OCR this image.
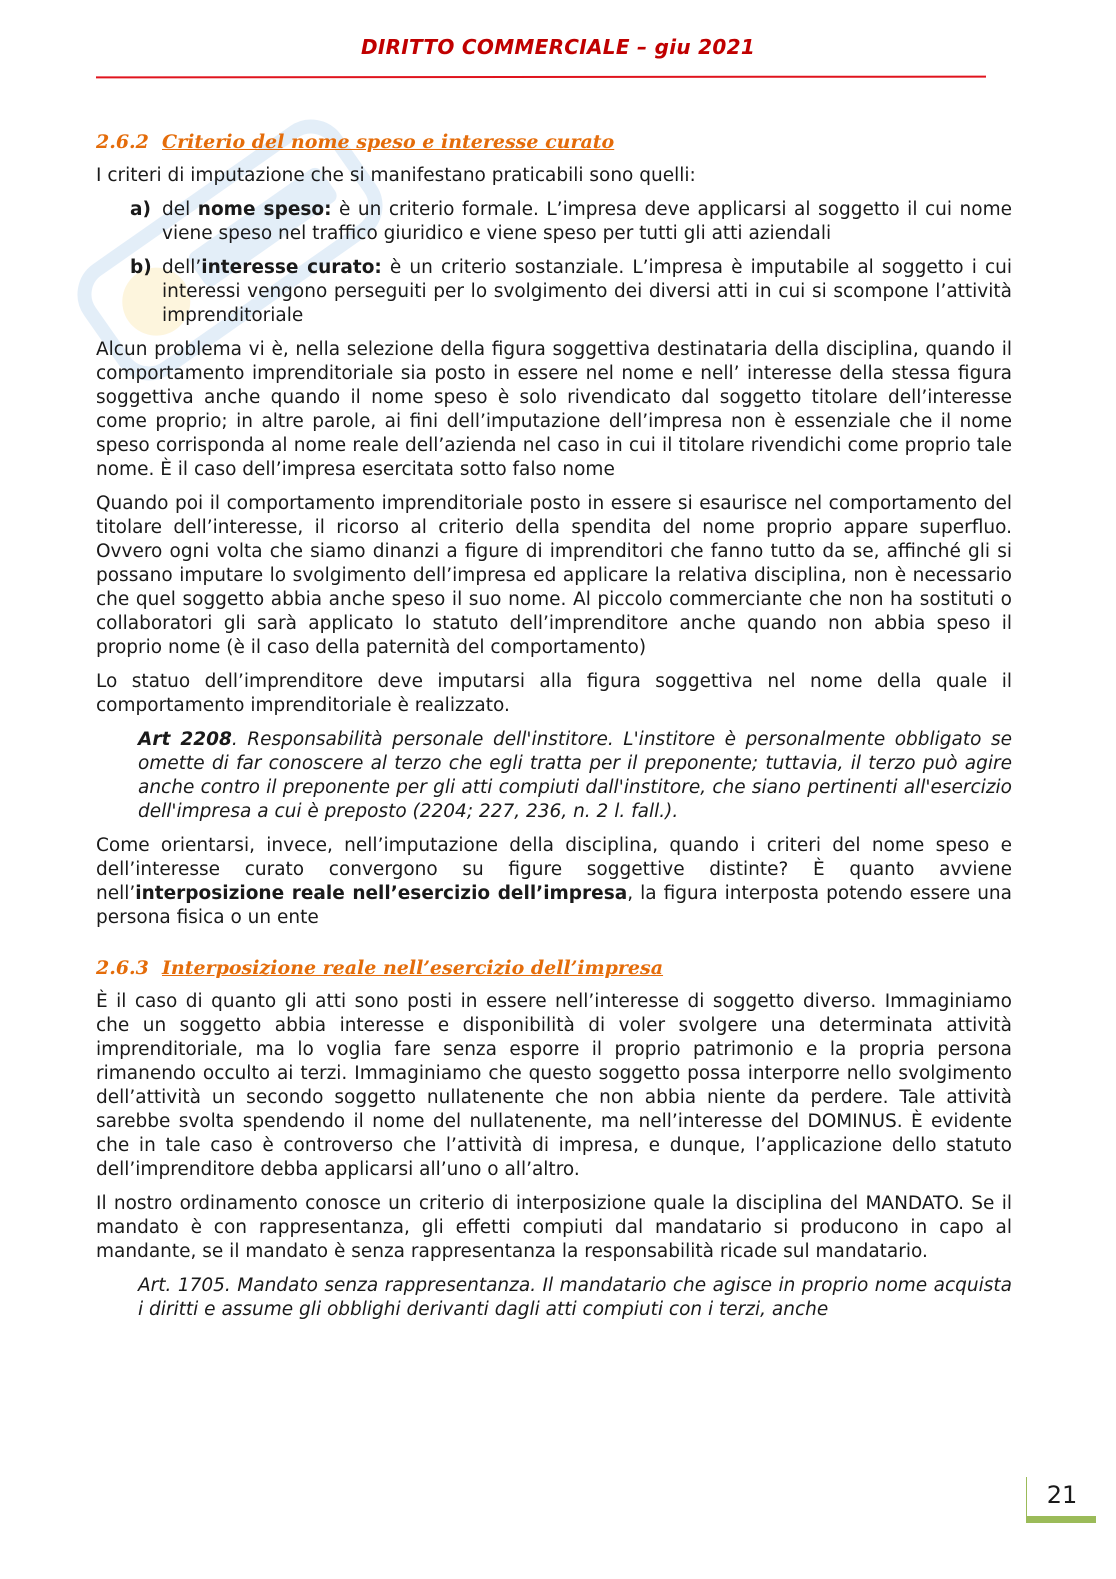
DIRITTO COMMERCIALE – giu 2021
2.6.2 Criterio del nome speso e interesse curato

I criteri di imputazione che si manifestano praticabili sono quelli:

a) del nome speso: è un criterio formale. L’impresa deve applicarsi al soggetto il cui nome viene speso nel traffico giuridico e viene speso per tutti gli atti aziendali
b) dell’interesse curato: è un criterio sostanziale. L’impresa è imputabile al soggetto i cui interessi vengono perseguiti per lo svolgimento dei diversi atti in cui si scompone l’attività imprenditoriale

Alcun problema vi è, nella selezione della figura soggettiva destinataria della disciplina, quando il comportamento imprenditoriale sia posto in essere nel nome e nell’ interesse della stessa figura soggettiva anche quando il nome speso è solo rivendicato dal soggetto titolare dell’interesse come proprio; in altre parole, ai fini dell’imputazione dell’impresa non è essenziale che il nome speso corrisponda al nome reale dell’azienda nel caso in cui il titolare rivendichi come proprio tale nome. È il caso dell’impresa esercitata sotto falso nome

Quando poi il comportamento imprenditoriale posto in essere si esaurisce nel comportamento del titolare dell’interesse, il ricorso al criterio della spendita del nome proprio appare superfluo. Ovvero ogni volta che siamo dinanzi a figure di imprenditori che fanno tutto da se, affinché gli si possano imputare lo svolgimento dell’impresa ed applicare la relativa disciplina, non è necessario che quel soggetto abbia anche speso il suo nome. Al piccolo commerciante che non ha sostituti o collaboratori gli sarà applicato lo statuto dell’imprenditore anche quando non abbia speso il proprio nome (è il caso della paternità del comportamento)

Lo statuo dell’imprenditore deve imputarsi alla figura soggettiva nel nome della quale il comportamento imprenditoriale è realizzato.

Art 2208. Responsabilità personale dell'institore. L'institore è personalmente obbligato se omette di far conoscere al terzo che egli tratta per il preponente; tuttavia, il terzo può agire anche contro il preponente per gli atti compiuti dall'institore, che siano pertinenti all'esercizio dell'impresa a cui è preposto (2204; 227, 236, n. 2 l. fall.).

Come orientarsi, invece, nell’imputazione della disciplina, quando i criteri del nome speso e dell’interesse curato convergono su figure soggettive distinte? È quanto avviene nell’interposizione reale nell’esercizio dell’impresa, la figura interposta potendo essere una persona fisica o un ente

2.6.3 Interposizione reale nell’esercizio dell’impresa

È il caso di quanto gli atti sono posti in essere nell’interesse di soggetto diverso. Immaginiamo che un soggetto abbia interesse e disponibilità di voler svolgere una determinata attività imprenditoriale, ma lo voglia fare senza esporre il proprio patrimonio e la propria persona rimanendo occulto ai terzi. Immaginiamo che questo soggetto possa interporre nello svolgimento dell’attività un secondo soggetto nullatenente che non abbia niente da perdere. Tale attività sarebbe svolta spendendo il nome del nullatenente, ma nell’interesse del DOMINUS. È evidente che in tale caso è controverso che l’attività di impresa, e dunque, l’applicazione dello statuto dell’imprenditore debba applicarsi all’uno o all’altro.

Il nostro ordinamento conosce un criterio di interposizione quale la disciplina del MANDATO. Se il mandato è con rappresentanza, gli effetti compiuti dal mandatario si producono in capo al mandante, se il mandato è senza rappresentanza la responsabilità ricade sul mandatario.

Art. 1705. Mandato senza rappresentanza. Il mandatario che agisce in proprio nome acquista i diritti e assume gli obblighi derivanti dagli atti compiuti con i terzi, anche
21
